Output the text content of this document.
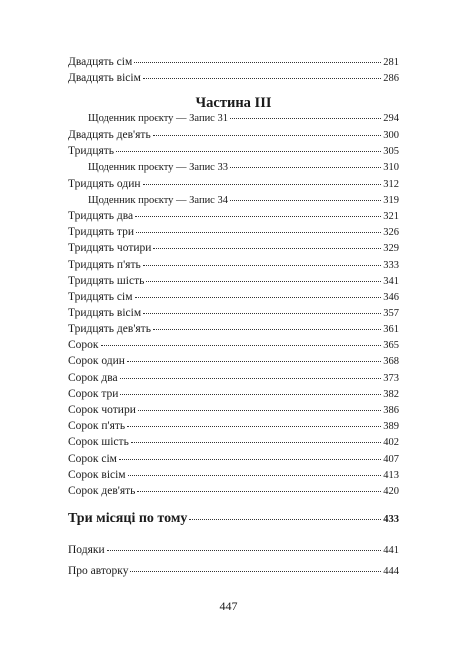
Двадцять сім	281
Двадцять вісім	286
Щоденник проєкту — Запис 31	294
Двадцять дев'ять	300
Тридцять	305
Щоденник проєкту — Запис 33	310
Тридцять один	312
Щоденник проєкту — Запис 34	319
Тридцять два	321
Тридцять три	326
Тридцять чотири	329
Тридцять п'ять	333
Тридцять шість	341
Тридцять сім	346
Тридцять вісім	357
Тридцять дев'ять	361
Сорок	365
Сорок один	368
Сорок два	373
Сорок три	382
Сорок чотири	386
Сорок п'ять	389
Сорок шість	402
Сорок сім	407
Сорок вісім	413
Сорок дев'ять	420
Три місяці по тому	433
Подяки	441
Про авторку	444
Частина ІІІ
447
